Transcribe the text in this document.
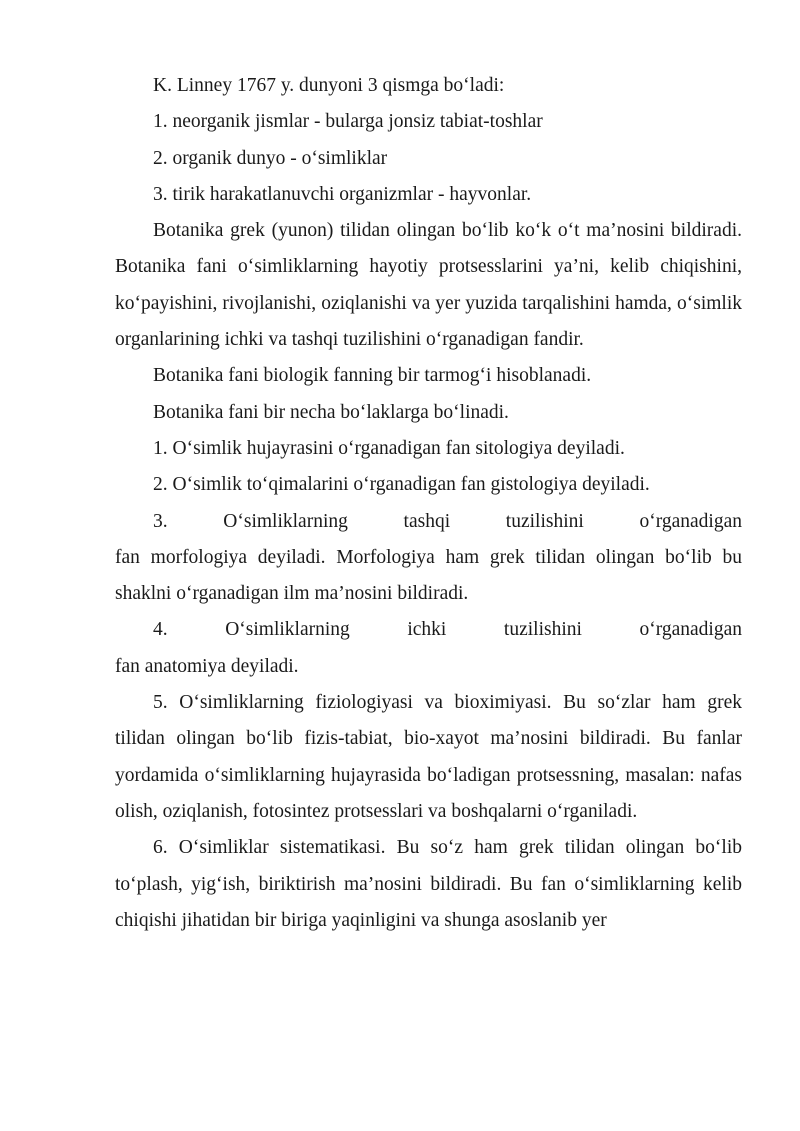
K. Linney 1767 y. dunyoni 3 qismga bo‘ladi:

1. neorganik jismlar - bularga jonsiz tabiat-toshlar

2. organik dunyo - o‘simliklar

3. tirik harakatlanuvchi organizmlar - hayvonlar.

Botanika grek (yunon) tilidan olingan bo‘lib ko‘k o‘t ma’nosini bildiradi. Botanika fani o‘simliklarning hayotiy protsesslarini ya’ni, kelib chiqishini, ko‘payishini, rivojlanishi, oziqlanishi va yer yuzida tarqalishini hamda, o‘simlik organlarining ichki va tashqi tuzilishini o‘rganadigan fandir.

Botanika fani biologik fanning bir tarmog‘i hisoblanadi.

Botanika fani bir necha bo‘laklarga bo‘linadi.

1. O‘simlik hujayrasini o‘rganadigan fan sitologiya deyiladi.

2. O‘simlik to‘qimalarini o‘rganadigan fan gistologiya deyiladi.

3. O‘simliklarning tashqi tuzilishini o‘rganadigan

fan morfologiya deyiladi. Morfologiya ham grek tilidan olingan bo‘lib bu shaklni o‘rganadigan ilm ma’nosini bildiradi.

4. O‘simliklarning ichki tuzilishini o‘rganadigan

fan anatomiya deyiladi.

5. O‘simliklarning fiziologiyasi va bioximiyasi. Bu so‘zlar ham grek tilidan olingan bo‘lib fizis-tabiat, bio-xayot ma’nosini bildiradi. Bu fanlar yordamida o‘simliklarning hujayrasida bo‘ladigan protsessning, masalan: nafas olish, oziqlanish, fotosintez protsesslari va boshqalarni o‘rganiladi.

6. O‘simliklar sistematikasi. Bu so‘z ham grek tilidan olingan bo‘lib to‘plash, yig‘ish, biriktirish ma’nosini bildiradi. Bu fan o‘simliklarning kelib chiqishi jihatidan bir biriga yaqinligini va shunga asoslanib yer
